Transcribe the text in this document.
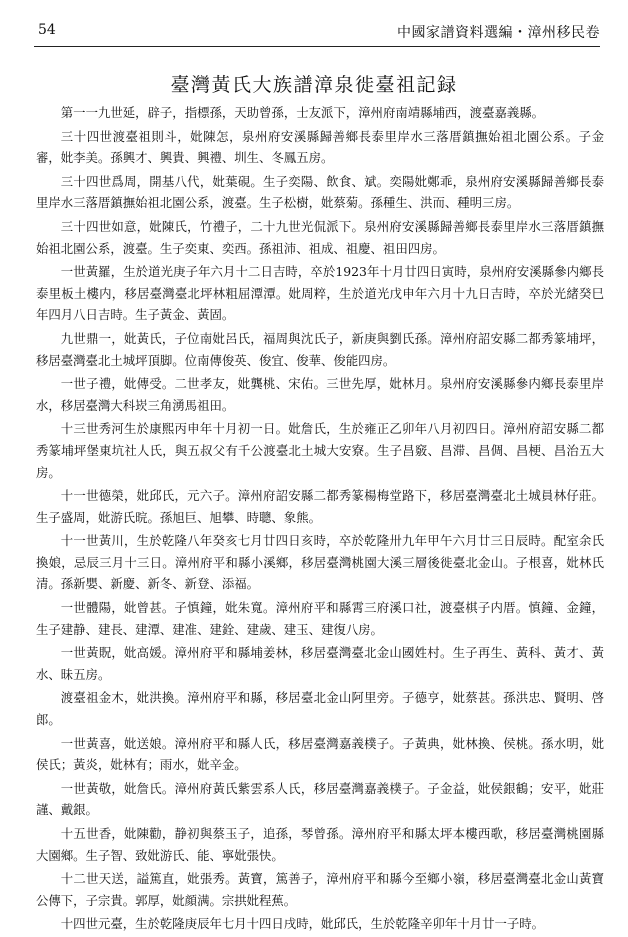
54	中國家譜資料選編・漳州移民卷
臺灣黃氏大族譜漳泉徙臺祖記録

第一一九世延，辟子，指標孫，天助曾孫，士友派下，漳州府南靖縣埔西，渡臺嘉義縣。

三十四世渡臺祖則斗，妣陳怎，泉州府安溪縣歸善鄉長泰里岸水三落厝鎮撫始祖北園公系。子金審，妣李美。孫興才、興貴、興禮、圳生、冬鳳五房。

三十四世爲周，開基八代，妣葉硯。生子奕陽、飲食、斌。奕陽妣鄭乖，泉州府安溪縣歸善鄉長泰里岸水三落厝鎮撫始祖北園公系，渡臺。生子松樹，妣蔡菊。孫種生、洪而、種明三房。

三十四世如意，妣陳氏，竹禮子，二十九世光侃派下。泉州府安溪縣歸善鄉長泰里岸水三落厝鎮撫始祖北園公系，渡臺。生子奕東、奕西。孫祖沛、祖成、祖慶、祖田四房。

一世黃羅，生於道光庚子年六月十二日吉時，卒於1923年十月廿四日寅時，泉州府安溪縣參内鄉長泰里板土樓内，移居臺灣臺北坪林粗屈潭潭。妣周粹，生於道光戊申年六月十九日吉時，卒於光緒癸巳年四月八日吉時。生子黃金、黃固。

九世鼎一，妣黃氏，子位南妣呂氏，福周與沈氏子，新庚與劉氏孫。漳州府詔安縣二都秀篆埔坪，移居臺灣臺北土城坪頂脚。位南傳俊英、俊宜、俊華、俊能四房。

一世子禮，妣傳受。二世孝友，妣龔桃、宋佑。三世先厚，妣林月。泉州府安溪縣參内鄉長泰里岸水，移居臺灣大科崁三角湧馬祖田。

十三世秀河生於康熙丙申年十月初一日。妣詹氏，生於雍正乙卯年八月初四日。漳州府詔安縣二都秀篆埔坪堡東坑社人氏，與五叔父有千公渡臺北土城大安寮。生子昌竅、昌滞、昌倜、昌梗、昌治五大房。

十一世德榮，妣邱氏，元六子。漳州府詔安縣二都秀篆楊梅堂路下，移居臺灣臺北土城員林仔莊。生子盛周，妣游氏晥。孫旭巨、旭攀、時聰、象熊。

十一世黃川，生於乾隆八年癸亥七月廿四日亥時，卒於乾隆卅九年甲午六月廿三日辰時。配室余氏換娘，忌辰三月十三日。漳州府平和縣小溪鄉，移居臺灣桃園大溪三層後徙臺北金山。子根喜，妣林氏清。孫新嬰、新慶、新冬、新登、添福。

一世體陽，妣曾甚。子慎鐘，妣朱寬。漳州府平和縣霄三府溪口社，渡臺棋子内厝。慎鐘、金鐘，生子建静、建長、建潭、建准、建銓、建歲、建玉、建復八房。

一世黃貺，妣高媛。漳州府平和縣埔姜林，移居臺灣臺北金山國姓村。生子再生、黃科、黃才、黃水、昧五房。

渡臺祖金木，妣洪換。漳州府平和縣，移居臺北金山阿里旁。子德亨，妣蔡甚。孫洪忠、賢明、啓郎。

一世黃喜，妣送娘。漳州府平和縣人氏，移居臺灣嘉義樸子。子黃典，妣林換、侯桃。孫水明，妣侯氏；黃炎，妣林有；雨水，妣辛金。

一世黃敬，妣詹氏。漳州府黃氏紫雲系人氏，移居臺灣嘉義樸子。子金益，妣侯銀鶴；安平，妣莊謹、戴銀。

十五世香，妣陳勸，静初與蔡玉子，追孫，琴曾孫。漳州府平和縣太坪本樓西歌，移居臺灣桃園縣大園鄉。生子智、致妣游氏、能、寧妣張快。

十二世天送，謚篤直，妣張秀。黃寶，篤善子，漳州府平和縣今至鄉小嶺，移居臺灣臺北金山黃寶公傳下，子宗貴。郭厚，妣顔满。宗拱妣程蕉。

十四世元臺，生於乾隆庚辰年七月十四日戌時，妣邱氏，生於乾隆辛卯年十月廿一子時。
